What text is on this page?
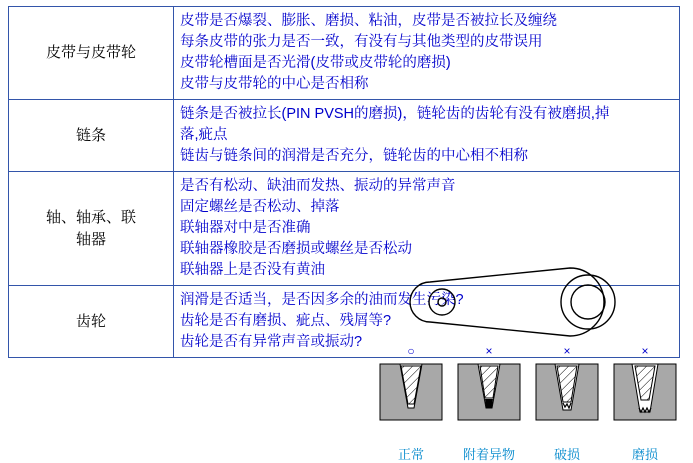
皮带与皮带轮	皮带是否爆裂、膨胀、磨损、粘油，皮带是否被拉长及缠绕
每条皮带的张力是否一致，有没有与其他类型的皮带误用
皮带轮槽面是否光滑(皮带或皮带轮的磨损)
皮带与皮带轮的中心是否相称

链条	链条是否被拉长(PIN PVSH的磨损)，链轮齿的齿轮有没有被磨损,掉
落,疵点
链齿与链条间的润滑是否充分，链轮齿的中心相不相称

轴、轴承、联
轴器	是否有松动、缺油而发热、振动的异常声音
固定螺丝是否松动、掉落
联轴器对中是否准确
联轴器橡胶是否磨损或螺丝是否松动
联轴器上是否没有黄油

齿轮	润滑是否适当，是否因多余的油而发生污染?
齿轮是否有磨损、疵点、残屑等?
齿轮是否有异常声音或振动?
○
正常
×
附着异物
×
破损
×
磨损
